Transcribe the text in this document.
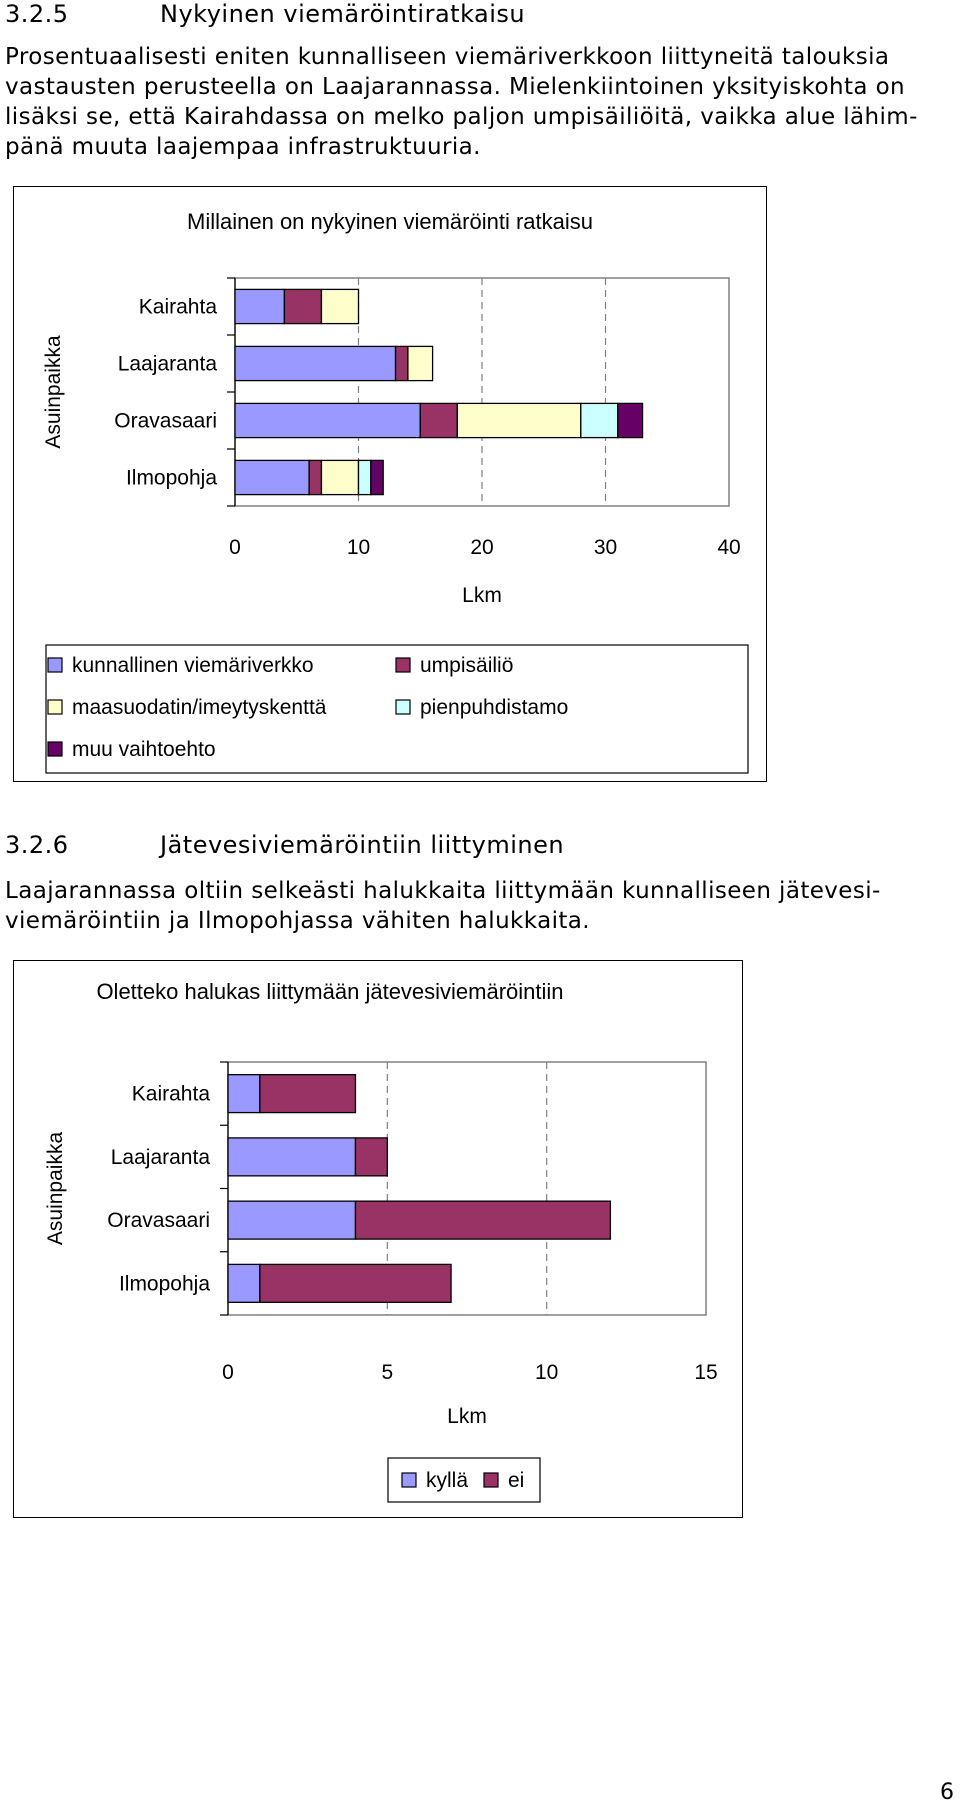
3.2.5	Nykyinen viemäröintiratkaisu
Prosentuaalisesti eniten kunnalliseen viemäriverkkoon liittyneitä talouksia
vastausten perusteella on Laajarannassa. Mielenkiintoinen yksityiskohta on
lisäksi se, että Kairahdassa on melko paljon umpisäiliöitä, vaikka alue lähim-
pänä muuta laajempaa infrastruktuuria.
Millainen on nykyinen viemäröinti ratkaisu
Kairahta
Laajaranta
Oravasaari
Ilmopohja
0	10	20	30	40
Lkm
Asuinpaikka
kunnallinen viemäriverkko	umpisäiliö
maasuodatin/imeytyskenttä	pienpuhdistamo
muu vaihtoehto
3.2.6	Jätevesiviemäröintiin liittyminen
Laajarannassa oltiin selkeästi halukkaita liittymään kunnalliseen jätevesi-
viemäröintiin ja Ilmopohjassa vähiten halukkaita.
Oletteko halukas liittymään jätevesiviemäröintiin
Kairahta
Laajaranta
Oravasaari
Ilmopohja
0	5	10	15
Lkm
Asuinpaikka
kyllä ei
6
